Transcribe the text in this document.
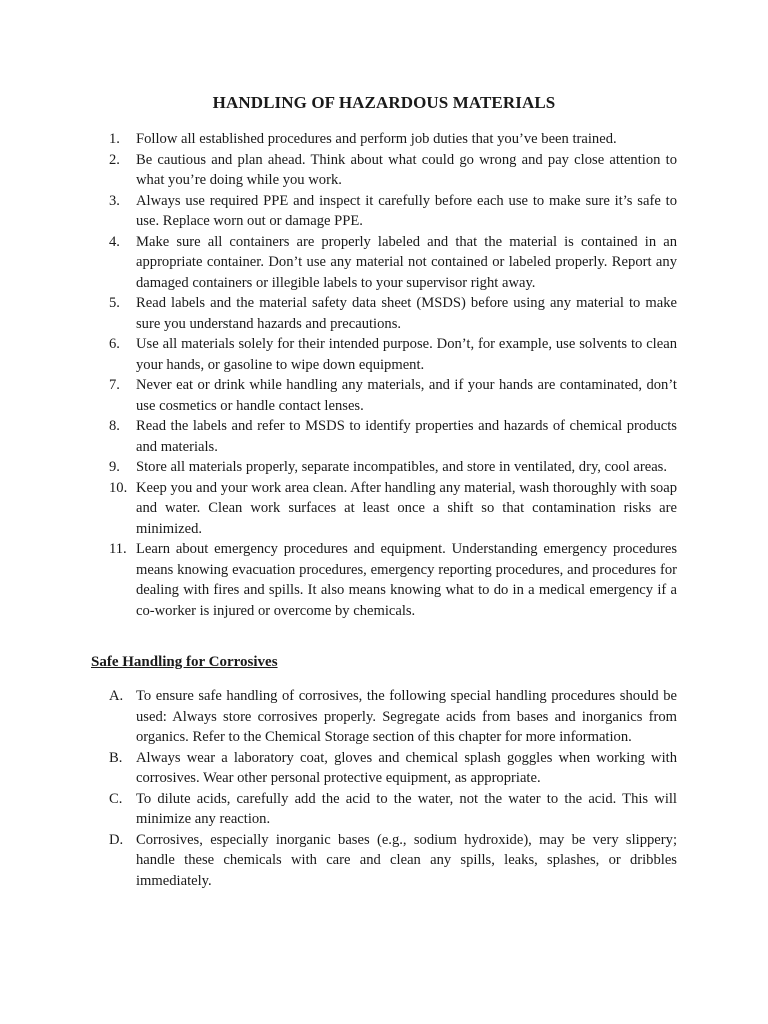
HANDLING OF HAZARDOUS MATERIALS
1.	Follow all established procedures and perform job duties that you’ve been trained.
2.	Be cautious and plan ahead. Think about what could go wrong and pay close attention to what you’re doing while you work.
3.	Always use required PPE and inspect it carefully before each use to make sure it’s safe to use. Replace worn out or damage PPE.
4.	Make sure all containers are properly labeled and that the material is contained in an appropriate container. Don’t use any material not contained or labeled properly. Report any damaged containers or illegible labels to your supervisor right away.
5.	Read labels and the material safety data sheet (MSDS) before using any material to make sure you understand hazards and precautions.
6.	Use all materials solely for their intended purpose. Don’t, for example, use solvents to clean your hands, or gasoline to wipe down equipment.
7.	Never eat or drink while handling any materials, and if your hands are contaminated, don’t use cosmetics or handle contact lenses.
8.	Read the labels and refer to MSDS to identify properties and hazards of chemical products and materials.
9.	Store all materials properly, separate incompatibles, and store in ventilated, dry, cool areas.
10. Keep you and your work area clean. After handling any material, wash thoroughly with soap and water. Clean work surfaces at least once a shift so that contamination risks are minimized.
11. Learn about emergency procedures and equipment. Understanding emergency procedures means knowing evacuation procedures, emergency reporting procedures, and procedures for dealing with fires and spills. It also means knowing what to do in a medical emergency if a co-worker is injured or overcome by chemicals.
Safe Handling for Corrosives
A. To ensure safe handling of corrosives, the following special handling procedures should be used: Always store corrosives properly. Segregate acids from bases and inorganics from organics. Refer to the Chemical Storage section of this chapter for more information.
B. Always wear a laboratory coat, gloves and chemical splash goggles when working with corrosives. Wear other personal protective equipment, as appropriate.
C. To dilute acids, carefully add the acid to the water, not the water to the acid. This will minimize any reaction.
D. Corrosives, especially inorganic bases (e.g., sodium hydroxide), may be very slippery; handle these chemicals with care and clean any spills, leaks, splashes, or dribbles immediately.
